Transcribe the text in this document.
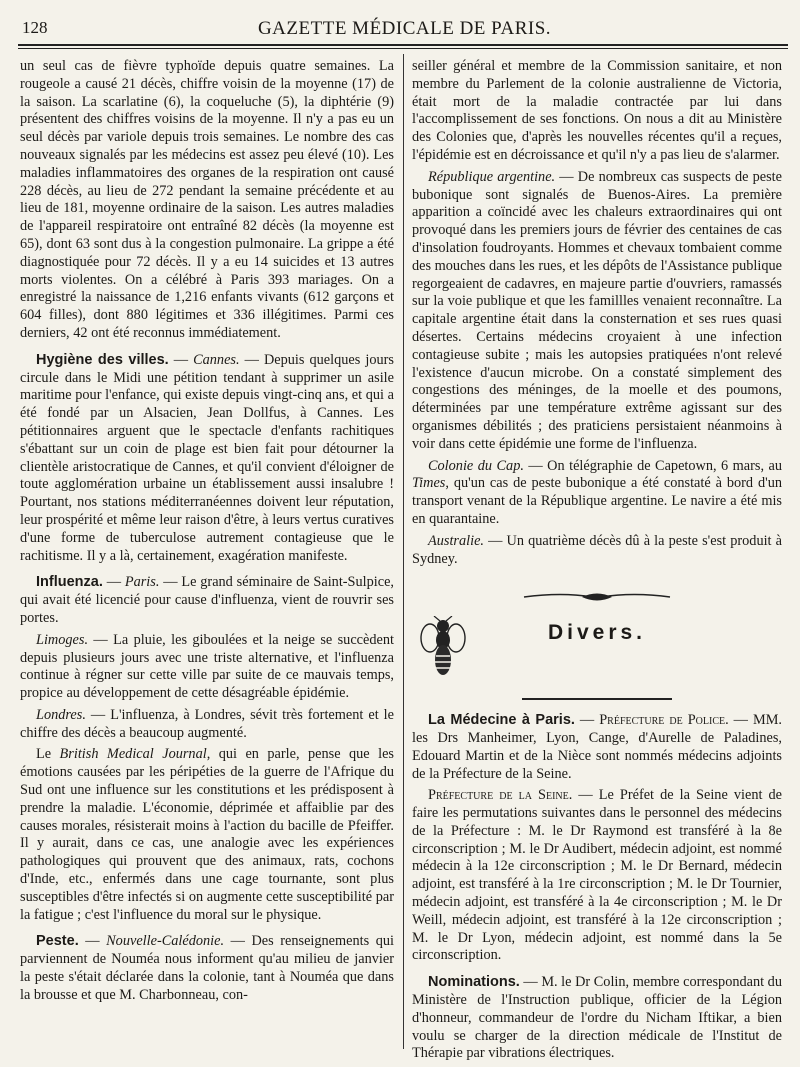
128	GAZETTE MÉDICALE DE PARIS.

un seul cas de fièvre typhoïde depuis quatre semaines. La rougeole a causé 21 décès, chiffre voisin de la moyenne (17) de la saison. La scarlatine (6), la coqueluche (5), la diphtérie (9) présentent des chiffres voisins de la moyenne. Il n'y a pas eu un seul décès par variole depuis trois semaines. Le nombre des cas nouveaux signalés par les médecins est assez peu élevé (10). Les maladies inflammatoires des organes de la respiration ont causé 228 décès, au lieu de 272 pendant la semaine précédente et au lieu de 181, moyenne ordinaire de la saison. Les autres maladies de l'appareil respiratoire ont entraîné 82 décès (la moyenne est 65), dont 63 sont dus à la congestion pulmonaire. La grippe a été diagnostiquée pour 72 décès. Il y a eu 14 suicides et 13 autres morts violentes. On a célébré à Paris 393 mariages. On a enregistré la naissance de 1,216 enfants vivants (612 garçons et 604 filles), dont 880 légitimes et 336 illégitimes. Parmi ces derniers, 42 ont été reconnus immédiatement.

Hygiène des villes. — Cannes. — Depuis quelques jours circule dans le Midi une pétition tendant à supprimer un asile maritime pour l'enfance, qui existe depuis vingt-cinq ans, et qui a été fondé par un Alsacien, Jean Dollfus, à Cannes. Les pétitionnaires arguent que le spectacle d'enfants rachitiques s'ébattant sur un coin de plage est bien fait pour détourner la clientèle aristocratique de Cannes, et qu'il convient d'éloigner de toute agglomération urbaine un établissement aussi insalubre ! Pourtant, nos stations méditerranéennes doivent leur réputation, leur prospérité et même leur raison d'être, à leurs vertus curatives d'une forme de tuberculose autrement contagieuse que le rachitisme. Il y a là, certainement, exagération manifeste.

Influenza. — Paris. — Le grand séminaire de Saint-Sulpice, qui avait été licencié pour cause d'influenza, vient de rouvrir ses portes.

Limoges. — La pluie, les giboulées et la neige se succèdent depuis plusieurs jours avec une triste alternative, et l'influenza continue à régner sur cette ville par suite de ce mauvais temps, propice au développement de cette désagréable épidémie.

Londres. — L'influenza, à Londres, sévit très fortement et le chiffre des décès a beaucoup augmenté.

Le British Medical Journal, qui en parle, pense que les émotions causées par les péripéties de la guerre de l'Afrique du Sud ont une influence sur les constitutions et les prédisposent à prendre la maladie. L'économie, déprimée et affaiblie par des causes morales, résisterait moins à l'action du bacille de Pfeiffer. Il y aurait, dans ce cas, une analogie avec les expériences pathologiques qui prouvent que des animaux, rats, cochons d'Inde, etc., enfermés dans une cage tournante, sont plus susceptibles d'être infectés si on augmente cette susceptibilité par la fatigue ; c'est l'influence du moral sur le physique.

Peste. — Nouvelle-Calédonie. — Des renseignements qui parviennent de Nouméa nous informent qu'au milieu de janvier la peste s'était déclarée dans la colonie, tant à Nouméa que dans la brousse et que M. Charbonneau, con-

seiller général et membre de la Commission sanitaire, et non membre du Parlement de la colonie australienne de Victoria, était mort de la maladie contractée par lui dans l'accomplissement de ses fonctions. On nous a dit au Ministère des Colonies que, d'après les nouvelles récentes qu'il a reçues, l'épidémie est en décroissance et qu'il n'y a pas lieu de s'alarmer.

République argentine. — De nombreux cas suspects de peste bubonique sont signalés de Buenos-Aires. La première apparition a coïncidé avec les chaleurs extraordinaires qui ont provoqué dans les premiers jours de février des centaines de cas d'insolation foudroyants. Hommes et chevaux tombaient comme des mouches dans les rues, et les dépôts de l'Assistance publique regorgeaient de cadavres, en majeure partie d'ouvriers, ramassés sur la voie publique et que les famillles venaient reconnaître. La capitale argentine était dans la consternation et ses rues quasi désertes. Certains médecins croyaient à une infection contagieuse subite ; mais les autopsies pratiquées n'ont relevé l'existence d'aucun microbe. On a constaté simplement des congestions des méninges, de la moelle et des poumons, déterminées par une température extrême agissant sur des organismes débilités ; des praticiens persistaient néanmoins à voir dans cette épidémie une forme de l'influenza.

Colonie du Cap. — On télégraphie de Capetown, 6 mars, au Times, qu'un cas de peste bubonique a été constaté à bord d'un transport venant de la République argentine. Le navire a été mis en quarantaine.

Australie. — Un quatrième décès dû à la peste s'est produit à Sydney.

Divers.

La Médecine à Paris. — Préfecture de Police. — MM. les Drs Manheimer, Lyon, Cange, d'Aurelle de Paladines, Edouard Martin et de la Nièce sont nommés médecins adjoints de la Préfecture de la Seine.

Préfecture de la Seine. — Le Préfet de la Seine vient de faire les permutations suivantes dans le personnel des médecins de la Préfecture : M. le Dr Raymond est transféré à la 8e circonscription ; M. le Dr Audibert, médecin adjoint, est nommé médecin à la 12e circonscription ; M. le Dr Bernard, médecin adjoint, est transféré à la 1re circonscription ; M. le Dr Tournier, médecin adjoint, est transféré à la 4e circonscription ; M. le Dr Weill, médecin adjoint, est transféré à la 12e circonscription ; M. le Dr Lyon, médecin adjoint, est nommé dans la 5e circonscription.

Nominations. — M. le Dr Colin, membre correspondant du Ministère de l'Instruction publique, officier de la Légion d'honneur, commandeur de l'ordre du Nicham Iftikar, a bien voulu se charger de la direction médicale de l'Institut de Thérapie par vibrations électriques.
